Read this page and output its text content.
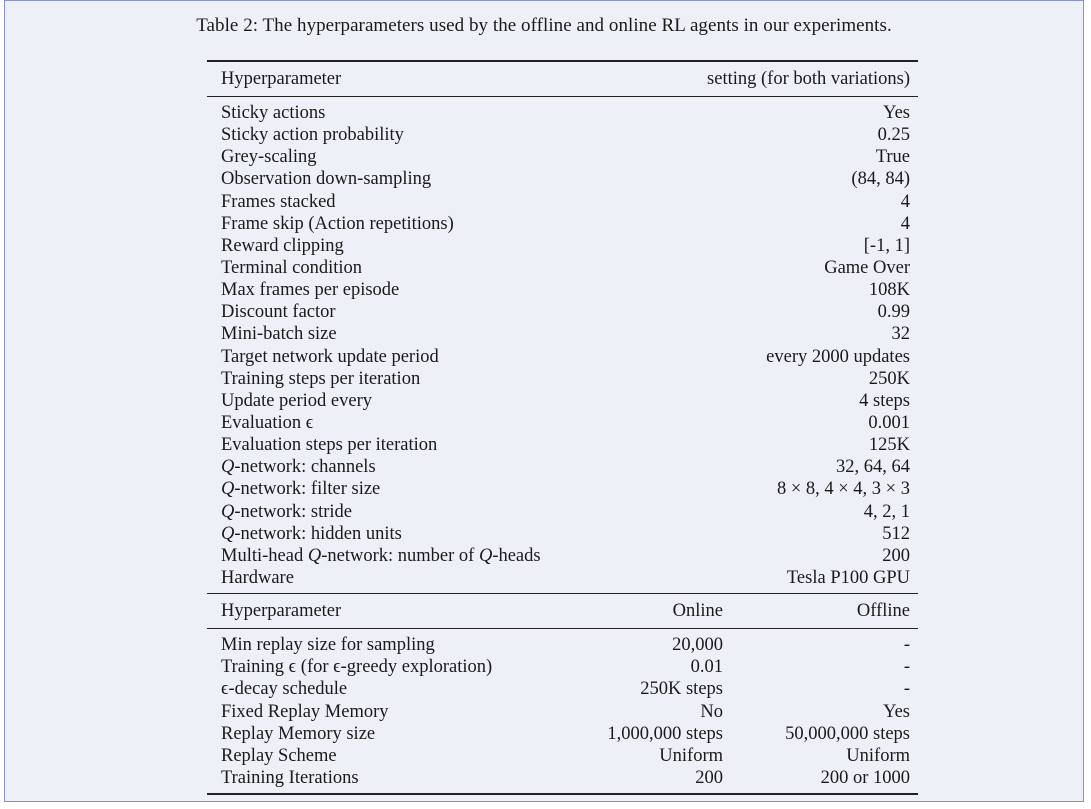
Table 2: The hyperparameters used by the offline and online RL agents in our experiments.
Hyperparameter	setting (for both variations)
Sticky actions	Yes
Sticky action probability	0.25
Grey-scaling	True
Observation down-sampling	(84, 84)
Frames stacked	4
Frame skip (Action repetitions)	4
Reward clipping	[-1, 1]
Terminal condition	Game Over
Max frames per episode	108K
Discount factor	0.99
Mini-batch size	32
Target network update period	every 2000 updates
Training steps per iteration	250K
Update period every	4 steps
Evaluation ϵ	0.001
Evaluation steps per iteration	125K
Q-network: channels	32, 64, 64
Q-network: filter size	8 × 8, 4 × 4, 3 × 3
Q-network: stride	4, 2, 1
Q-network: hidden units	512
Multi-head Q-network: number of Q-heads	200
Hardware	Tesla P100 GPU
Hyperparameter	Online	Offline
Min replay size for sampling	20,000	-
Training ϵ (for ϵ-greedy exploration)	0.01	-
ϵ-decay schedule	250K steps	-
Fixed Replay Memory	No	Yes
Replay Memory size	1,000,000 steps	50,000,000 steps
Replay Scheme	Uniform	Uniform
Training Iterations	200	200 or 1000
